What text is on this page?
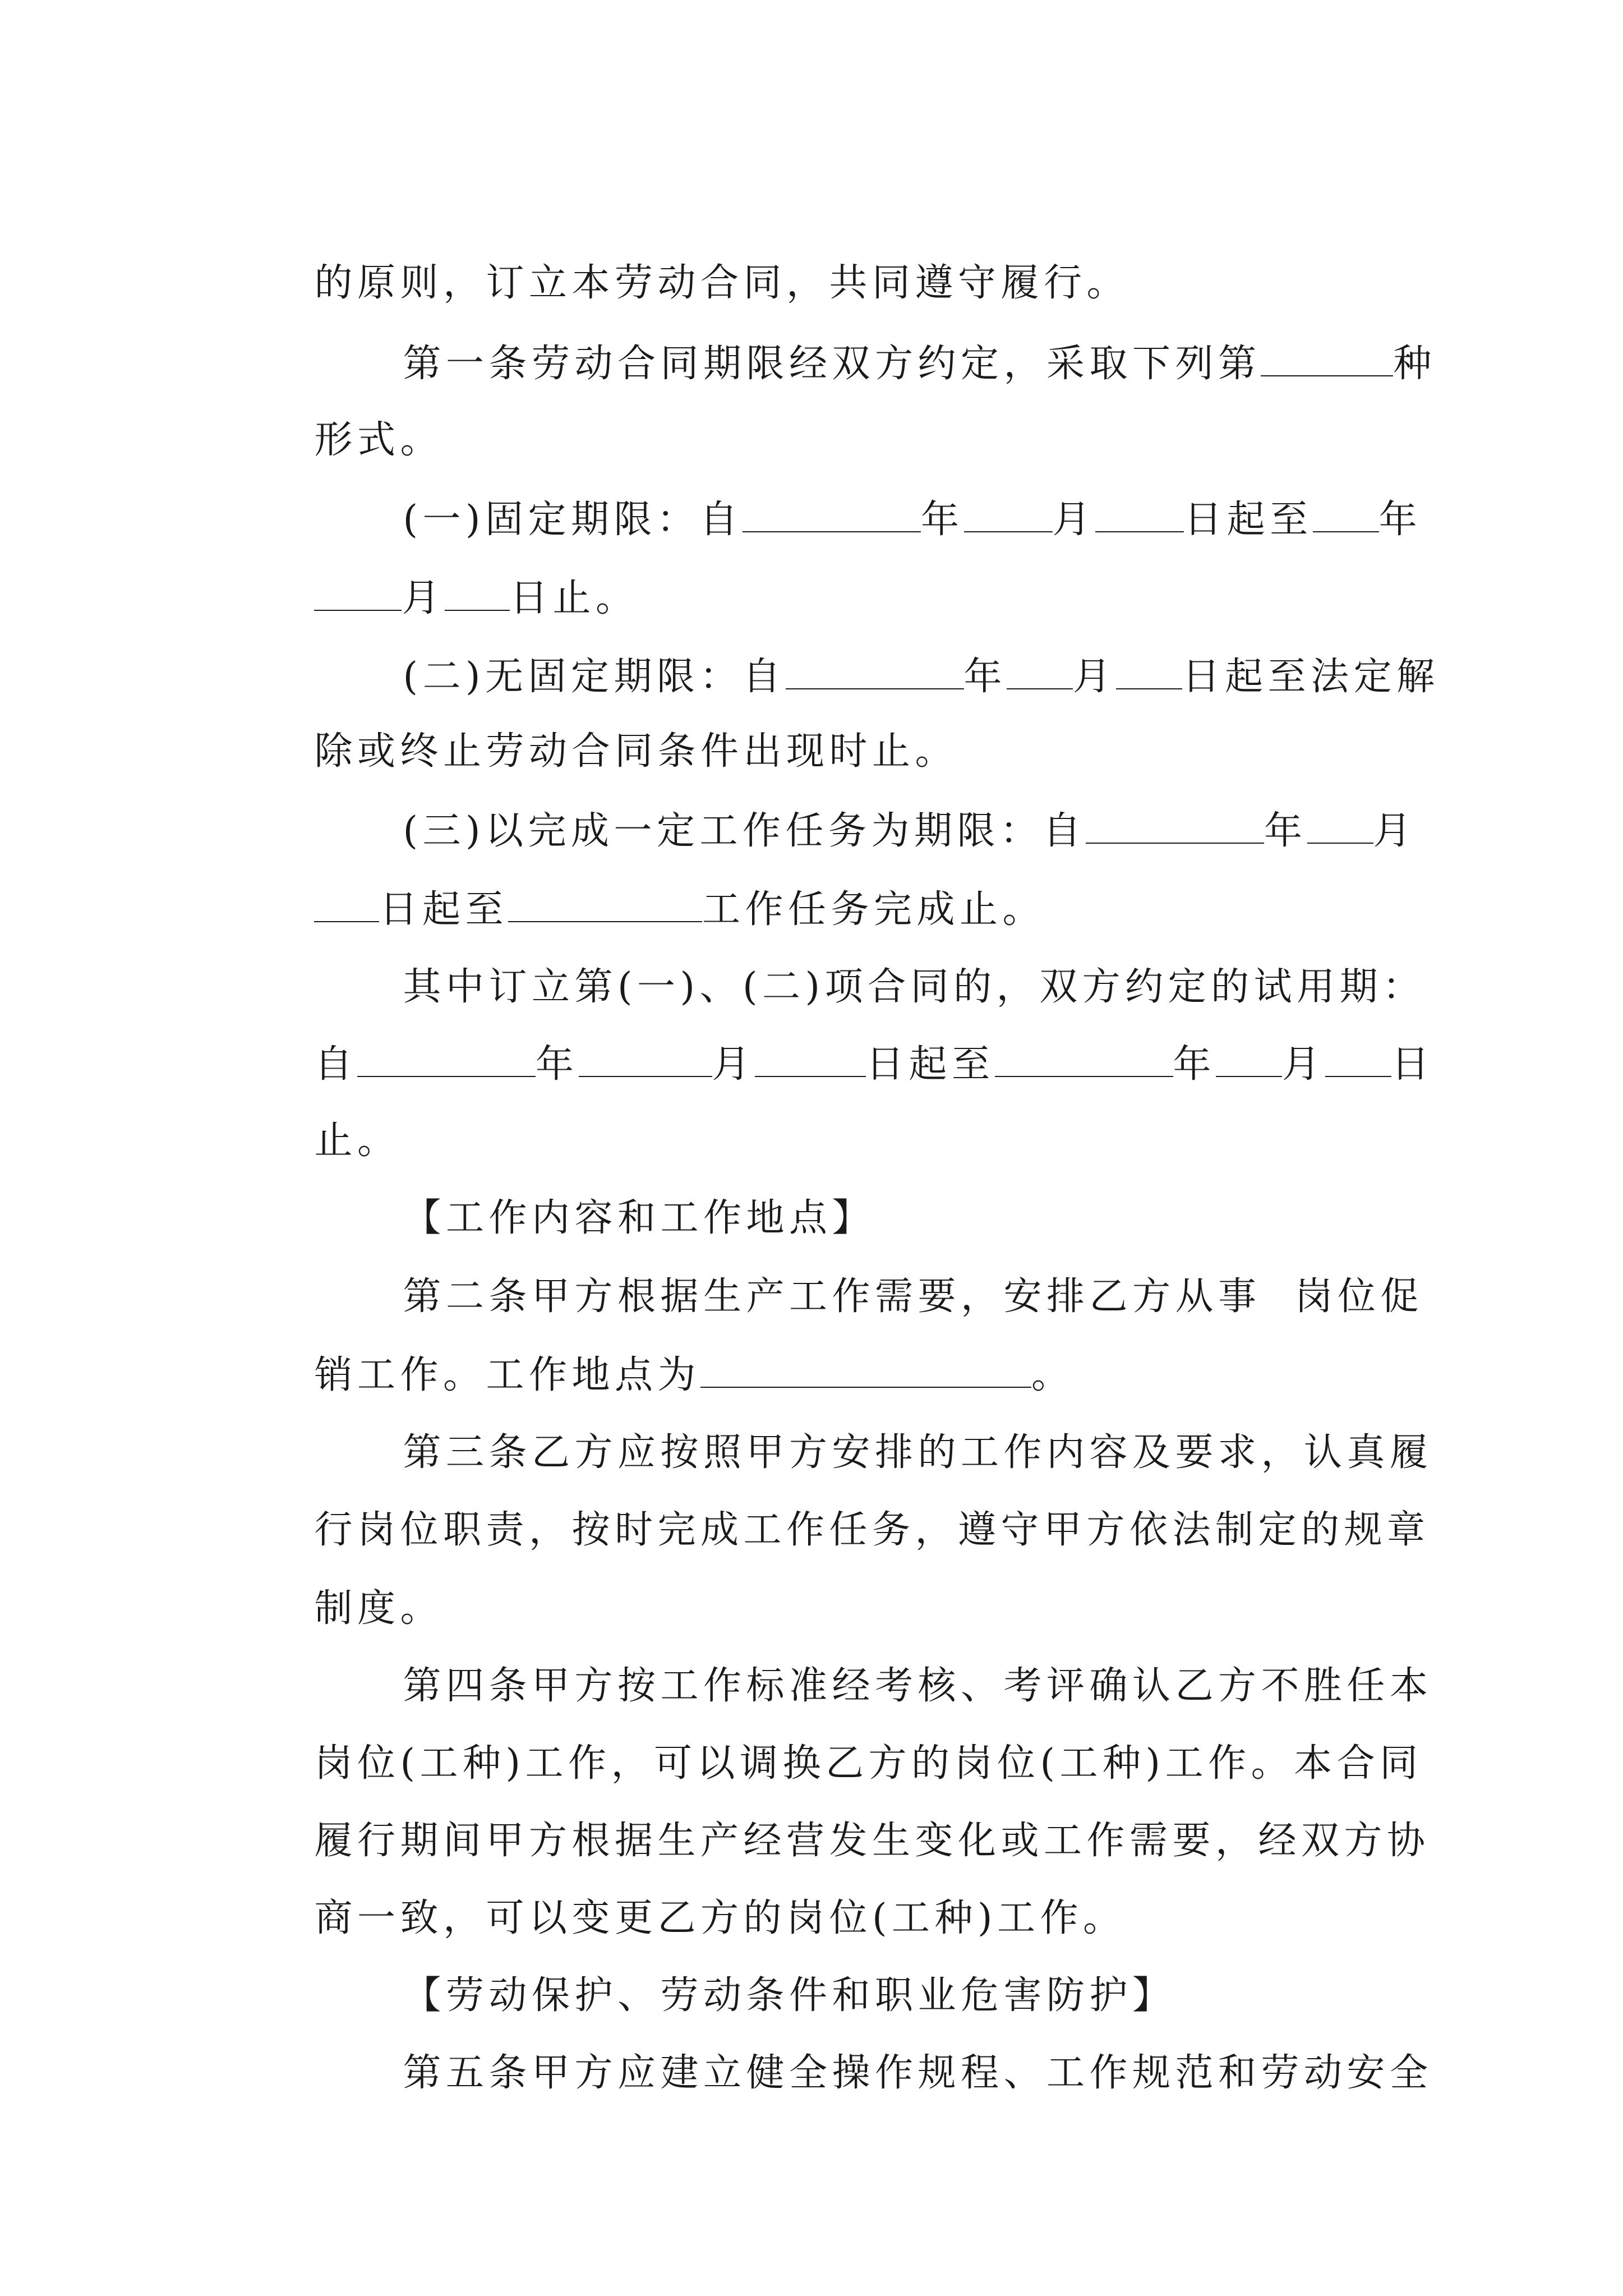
的原则，订立本劳动合同，共同遵守履行。

第一条劳动合同期限经双方约定，采取下列第	种

形式。

(一)固定期限：自	年 月 日起至 年

月 日止。

(二)无固定期限：自	年 月 日起至法定解

除或终止劳动合同条件出现时止。

(三)以完成一定工作任务为期限：自	年 月

日起至	工作任务完成止。

其中订立第(一)、(二)项合同的，双方约定的试用期：

自	年	月	日起至	年 月 日

止。

【工作内容和工作地点】

第二条甲方根据生产工作需要，安排乙方从事 岗位促

销工作。工作地点为	。

第三条乙方应按照甲方安排的工作内容及要求，认真履

行岗位职责，按时完成工作任务，遵守甲方依法制定的规章

制度。

第四条甲方按工作标准经考核、考评确认乙方不胜任本

岗位(工种)工作，可以调换乙方的岗位(工种)工作。本合同

履行期间甲方根据生产经营发生变化或工作需要，经双方协

商一致，可以变更乙方的岗位(工种)工作。

【劳动保护、劳动条件和职业危害防护】

第五条甲方应建立健全操作规程、工作规范和劳动安全
